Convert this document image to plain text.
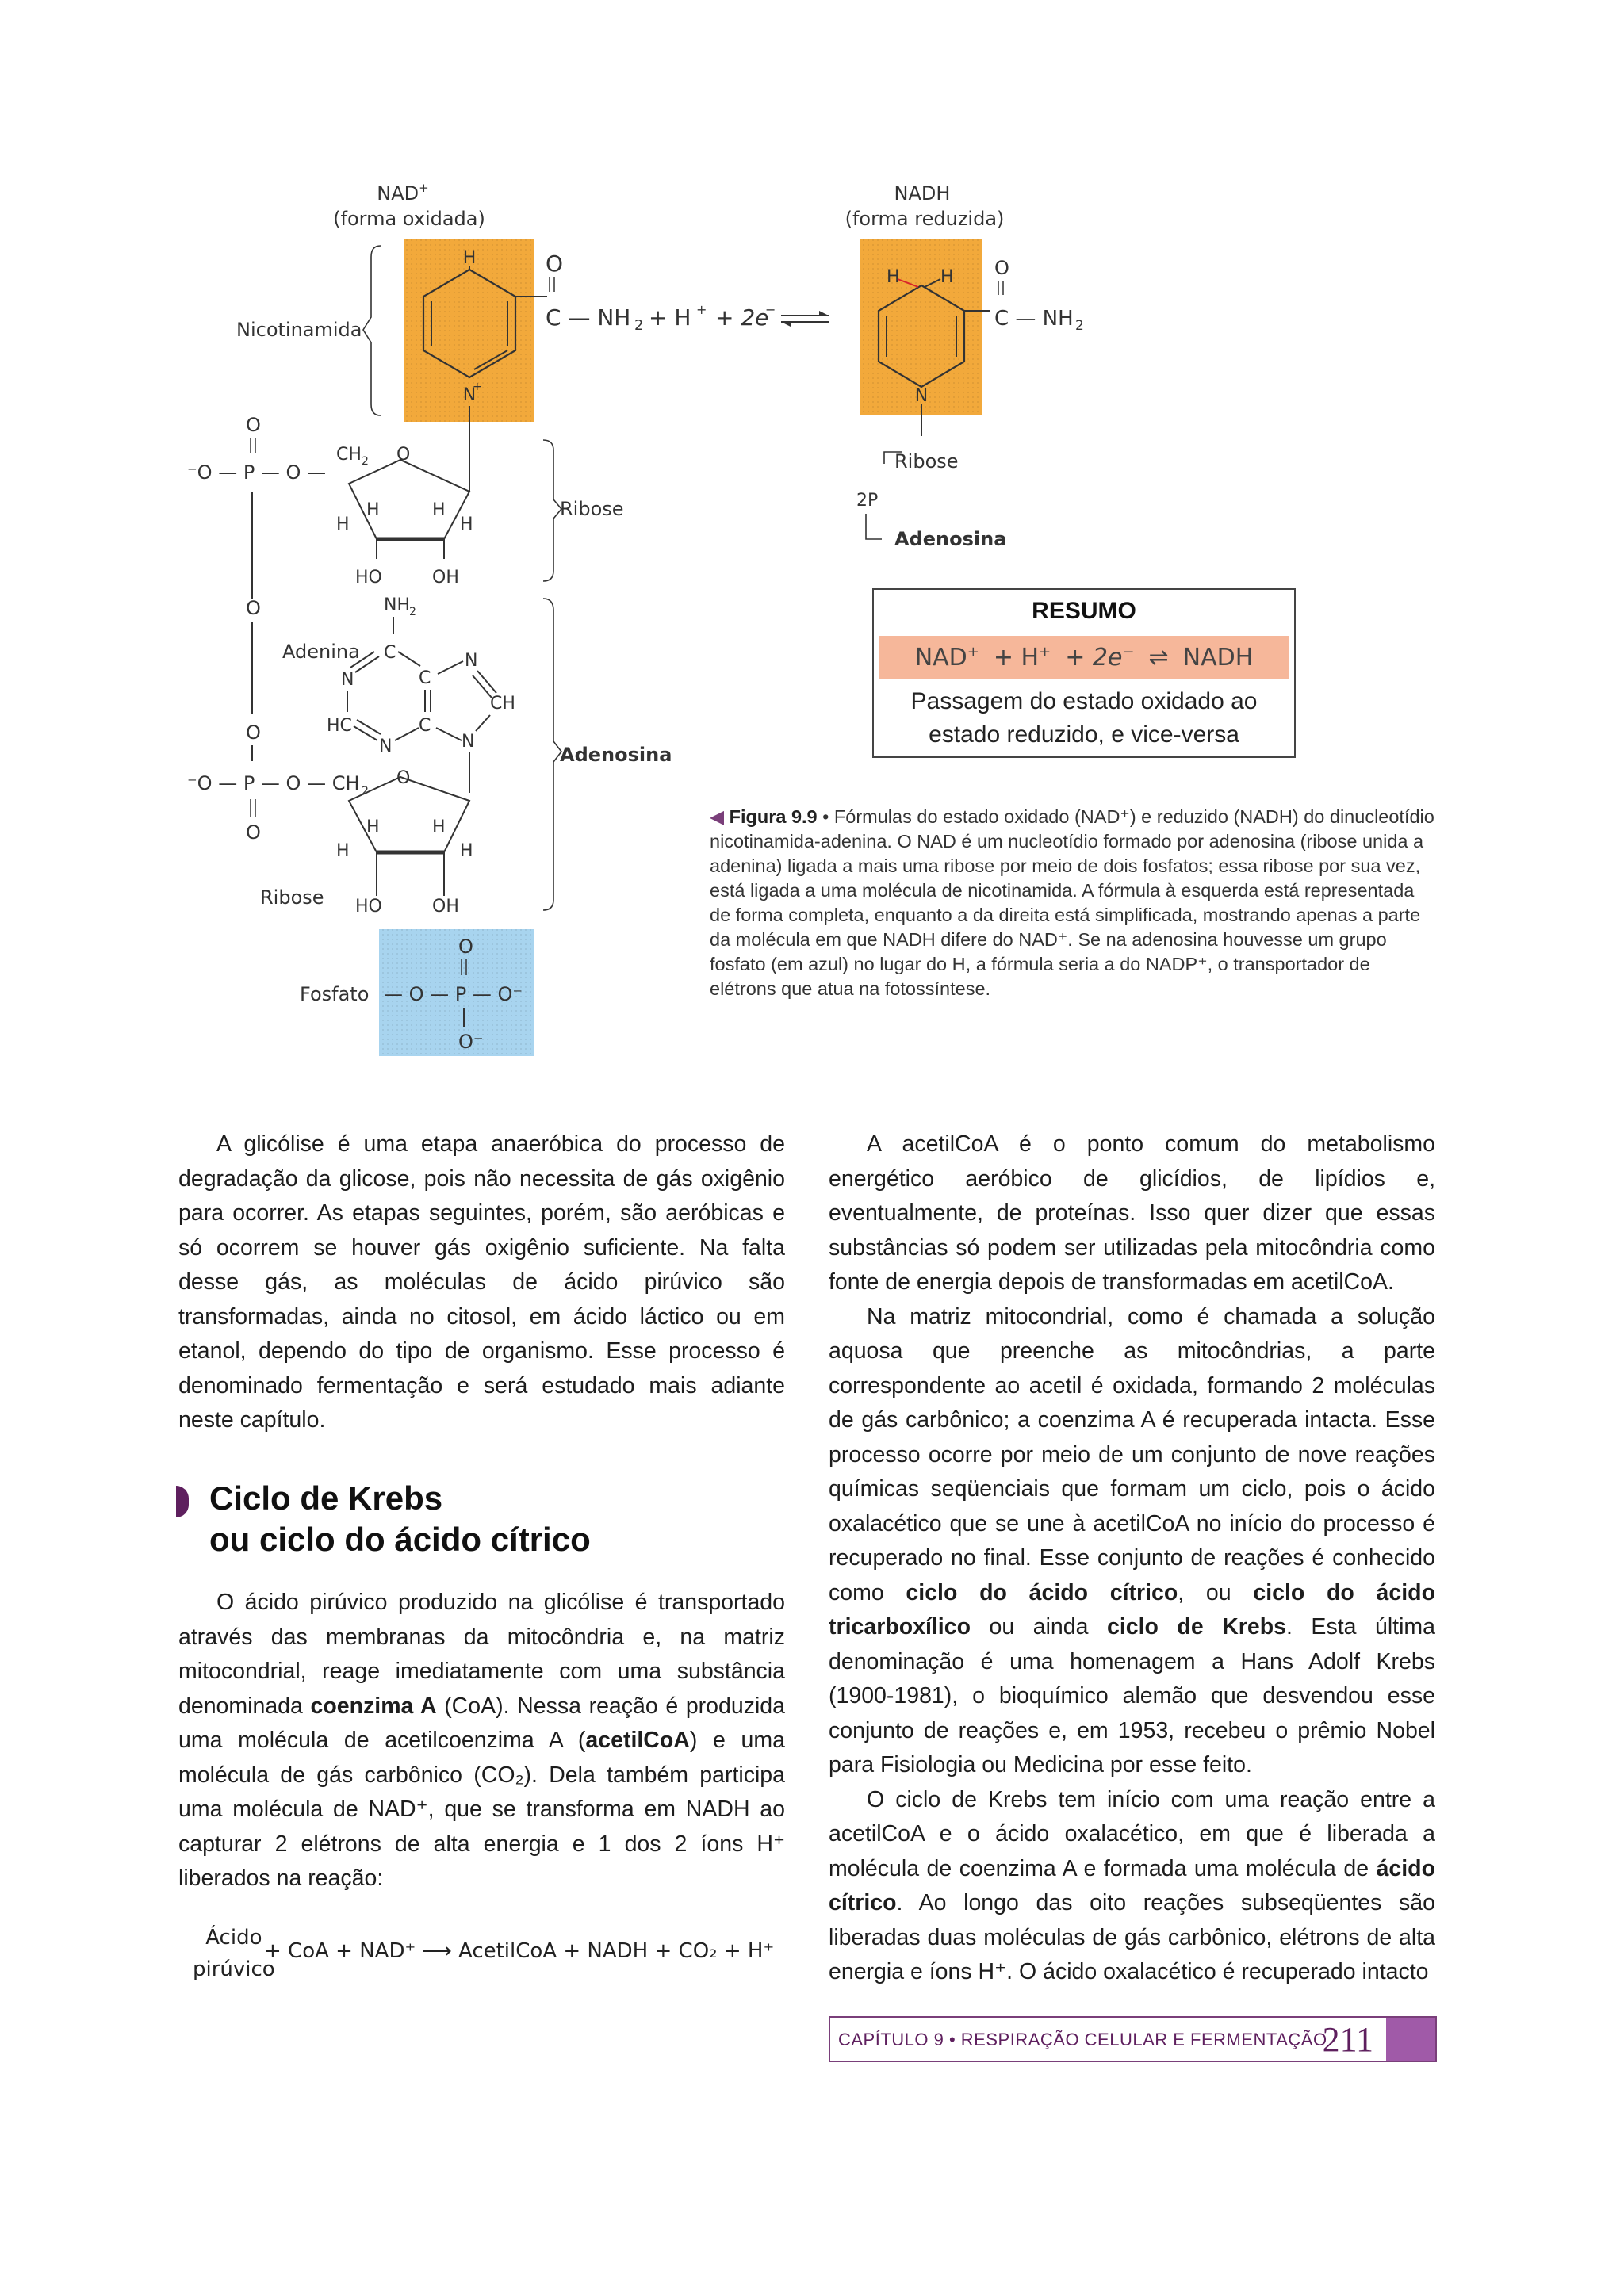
NAD+
(forma oxidada)
NADH
(forma reduzida)
H
N
+
O
C — NH 2 + H + + 2e
−
Nicotinamida
O
⁻O — P — O —
CH 2 O
H	H
H	H
HO	OH
Ribose
O	NH 2
Adenina C
N	C
N
CH
HC
N
C
N
Adenosina
O
⁻O — P — O — CH 2
O
O
H	H
H	H
Ribose HO	OH
O
— O — P — O⁻
O⁻
Fosfato
H H
N
O
C — NH 2
Ribose
2P
Adenosina
RESUMO
NAD+ + H+ + 2e− ⇌ NADH
Passagem do estado oxidado ao
estado reduzido, e vice-versa
◀ Figura 9.9 • Fórmulas do estado oxidado (NAD⁺) e reduzido (NADH) do dinucleotídio nicotinamida-adenina. O NAD é um nucleotídio formado por adenosina (ribose unida a adenina) ligada a mais uma ribose por meio de dois fosfatos; essa ribose por sua vez, está ligada a uma molécula de nicotinamida. A fórmula à esquerda está representada de forma completa, enquanto a da direita está simplificada, mostrando apenas a parte da molécula em que NADH difere do NAD⁺. Se na adenosina houvesse um grupo fosfato (em azul) no lugar do H, a fórmula seria a do NADP⁺, o transportador de elétrons que atua na fotossíntese.

A glicólise é uma etapa anaeróbica do processo de degradação da glicose, pois não necessita de gás oxigênio para ocorrer. As etapas seguintes, porém, são aeróbicas e só ocorrem se houver gás oxigênio suficiente. Na falta desse gás, as moléculas de ácido pirúvico são transformadas, ainda no citosol, em ácido láctico ou em etanol, dependo do tipo de organismo. Esse processo é denominado fermentação e será estudado mais adiante neste capítulo.

Ciclo de Krebs
ou ciclo do ácido cítrico

O ácido pirúvico produzido na glicólise é transportado através das membranas da mitocôndria e, na matriz mitocondrial, reage imediatamente com uma substância denominada coenzima A (CoA). Nessa reação é produzida uma molécula de acetilcoenzima A (acetilCoA) e uma molécula de gás carbônico (CO₂). Dela também participa uma molécula de NAD⁺, que se transforma em NADH ao capturar 2 elétrons de alta energia e 1 dos 2 íons H⁺ liberados na reação:

Ácido
pirúvico
+ CoA + NAD⁺ ⟶ AcetilCoA + NADH + CO₂ + H⁺

A acetilCoA é o ponto comum do metabolismo energético aeróbico de glicídios, de lipídios e, eventualmente, de proteínas. Isso quer dizer que essas substâncias só podem ser utilizadas pela mitocôndria como fonte de energia depois de transformadas em acetilCoA.

Na matriz mitocondrial, como é chamada a solução aquosa que preenche as mitocôndrias, a parte correspondente ao acetil é oxidada, formando 2 moléculas de gás carbônico; a coenzima A é recuperada intacta. Esse processo ocorre por meio de um conjunto de nove reações químicas seqüenciais que formam um ciclo, pois o ácido oxalacético que se une à acetilCoA no início do processo é recuperado no final. Esse conjunto de reações é conhecido como ciclo do ácido cítrico, ou ciclo do ácido tricarboxílico ou ainda ciclo de Krebs. Esta última denominação é uma homenagem a Hans Adolf Krebs (1900-1981), o bioquímico alemão que desvendou esse conjunto de reações e, em 1953, recebeu o prêmio Nobel para Fisiologia ou Medicina por esse feito.

O ciclo de Krebs tem início com uma reação entre a acetilCoA e o ácido oxalacético, em que é liberada a molécula de coenzima A e formada uma molécula de ácido cítrico. Ao longo das oito reações subseqüentes são liberadas duas moléculas de gás carbônico, elétrons de alta energia e íons H⁺. O ácido oxalacético é recuperado intacto

CAPÍTULO 9 • RESPIRAÇÃO CELULAR E FERMENTAÇÃO
211
